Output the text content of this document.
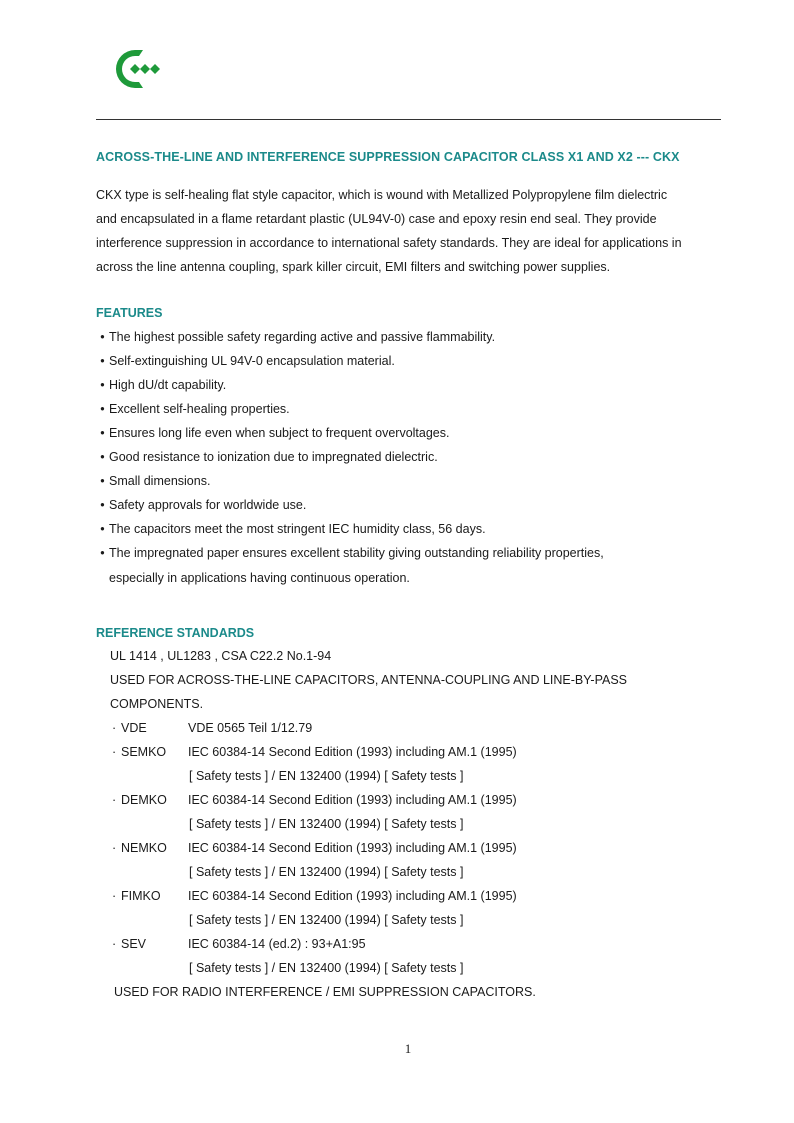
ACROSS-THE-LINE AND INTERFERENCE SUPPRESSION CAPACITOR CLASS X1 AND X2 --- CKX
CKX type is self-healing flat style capacitor, which is wound with Metallized Polypropylene film dielectric
and encapsulated in a flame retardant plastic (UL94V-0) case and epoxy resin end seal. They provide
interference suppression in accordance to international safety standards. They are ideal for applications in
across the line antenna coupling, spark killer circuit, EMI filters and switching power supplies.
FEATURES
• The highest possible safety regarding active and passive flammability.
• Self-extinguishing UL 94V-0 encapsulation material.
• High dU/dt capability.
• Excellent self-healing properties.
• Ensures long life even when subject to frequent overvoltages.
• Good resistance to ionization due to impregnated dielectric.
• Small dimensions.
• Safety approvals for worldwide use.
• The capacitors meet the most stringent IEC humidity class, 56 days.
• The impregnated paper ensures excellent stability giving outstanding reliability properties,
especially in applications having continuous operation.
REFERENCE STANDARDS
UL 1414 , UL1283 , CSA C22.2 No.1-94
USED FOR ACROSS-THE-LINE CAPACITORS, ANTENNA-COUPLING AND LINE-BY-PASS
COMPONENTS.
· VDE	VDE 0565 Teil 1/12.79
· SEMKO IEC 60384-14 Second Edition (1993) including AM.1 (1995)
[ Safety tests ] / EN 132400 (1994) [ Safety tests ]
· DEMKO IEC 60384-14 Second Edition (1993) including AM.1 (1995)
[ Safety tests ] / EN 132400 (1994) [ Safety tests ]
· NEMKO IEC 60384-14 Second Edition (1993) including AM.1 (1995)
[ Safety tests ] / EN 132400 (1994) [ Safety tests ]
· FIMKO IEC 60384-14 Second Edition (1993) including AM.1 (1995)
[ Safety tests ] / EN 132400 (1994) [ Safety tests ]
· SEV	IEC 60384-14 (ed.2) : 93+A1:95
[ Safety tests ] / EN 132400 (1994) [ Safety tests ]
USED FOR RADIO INTERFERENCE / EMI SUPPRESSION CAPACITORS.
1
